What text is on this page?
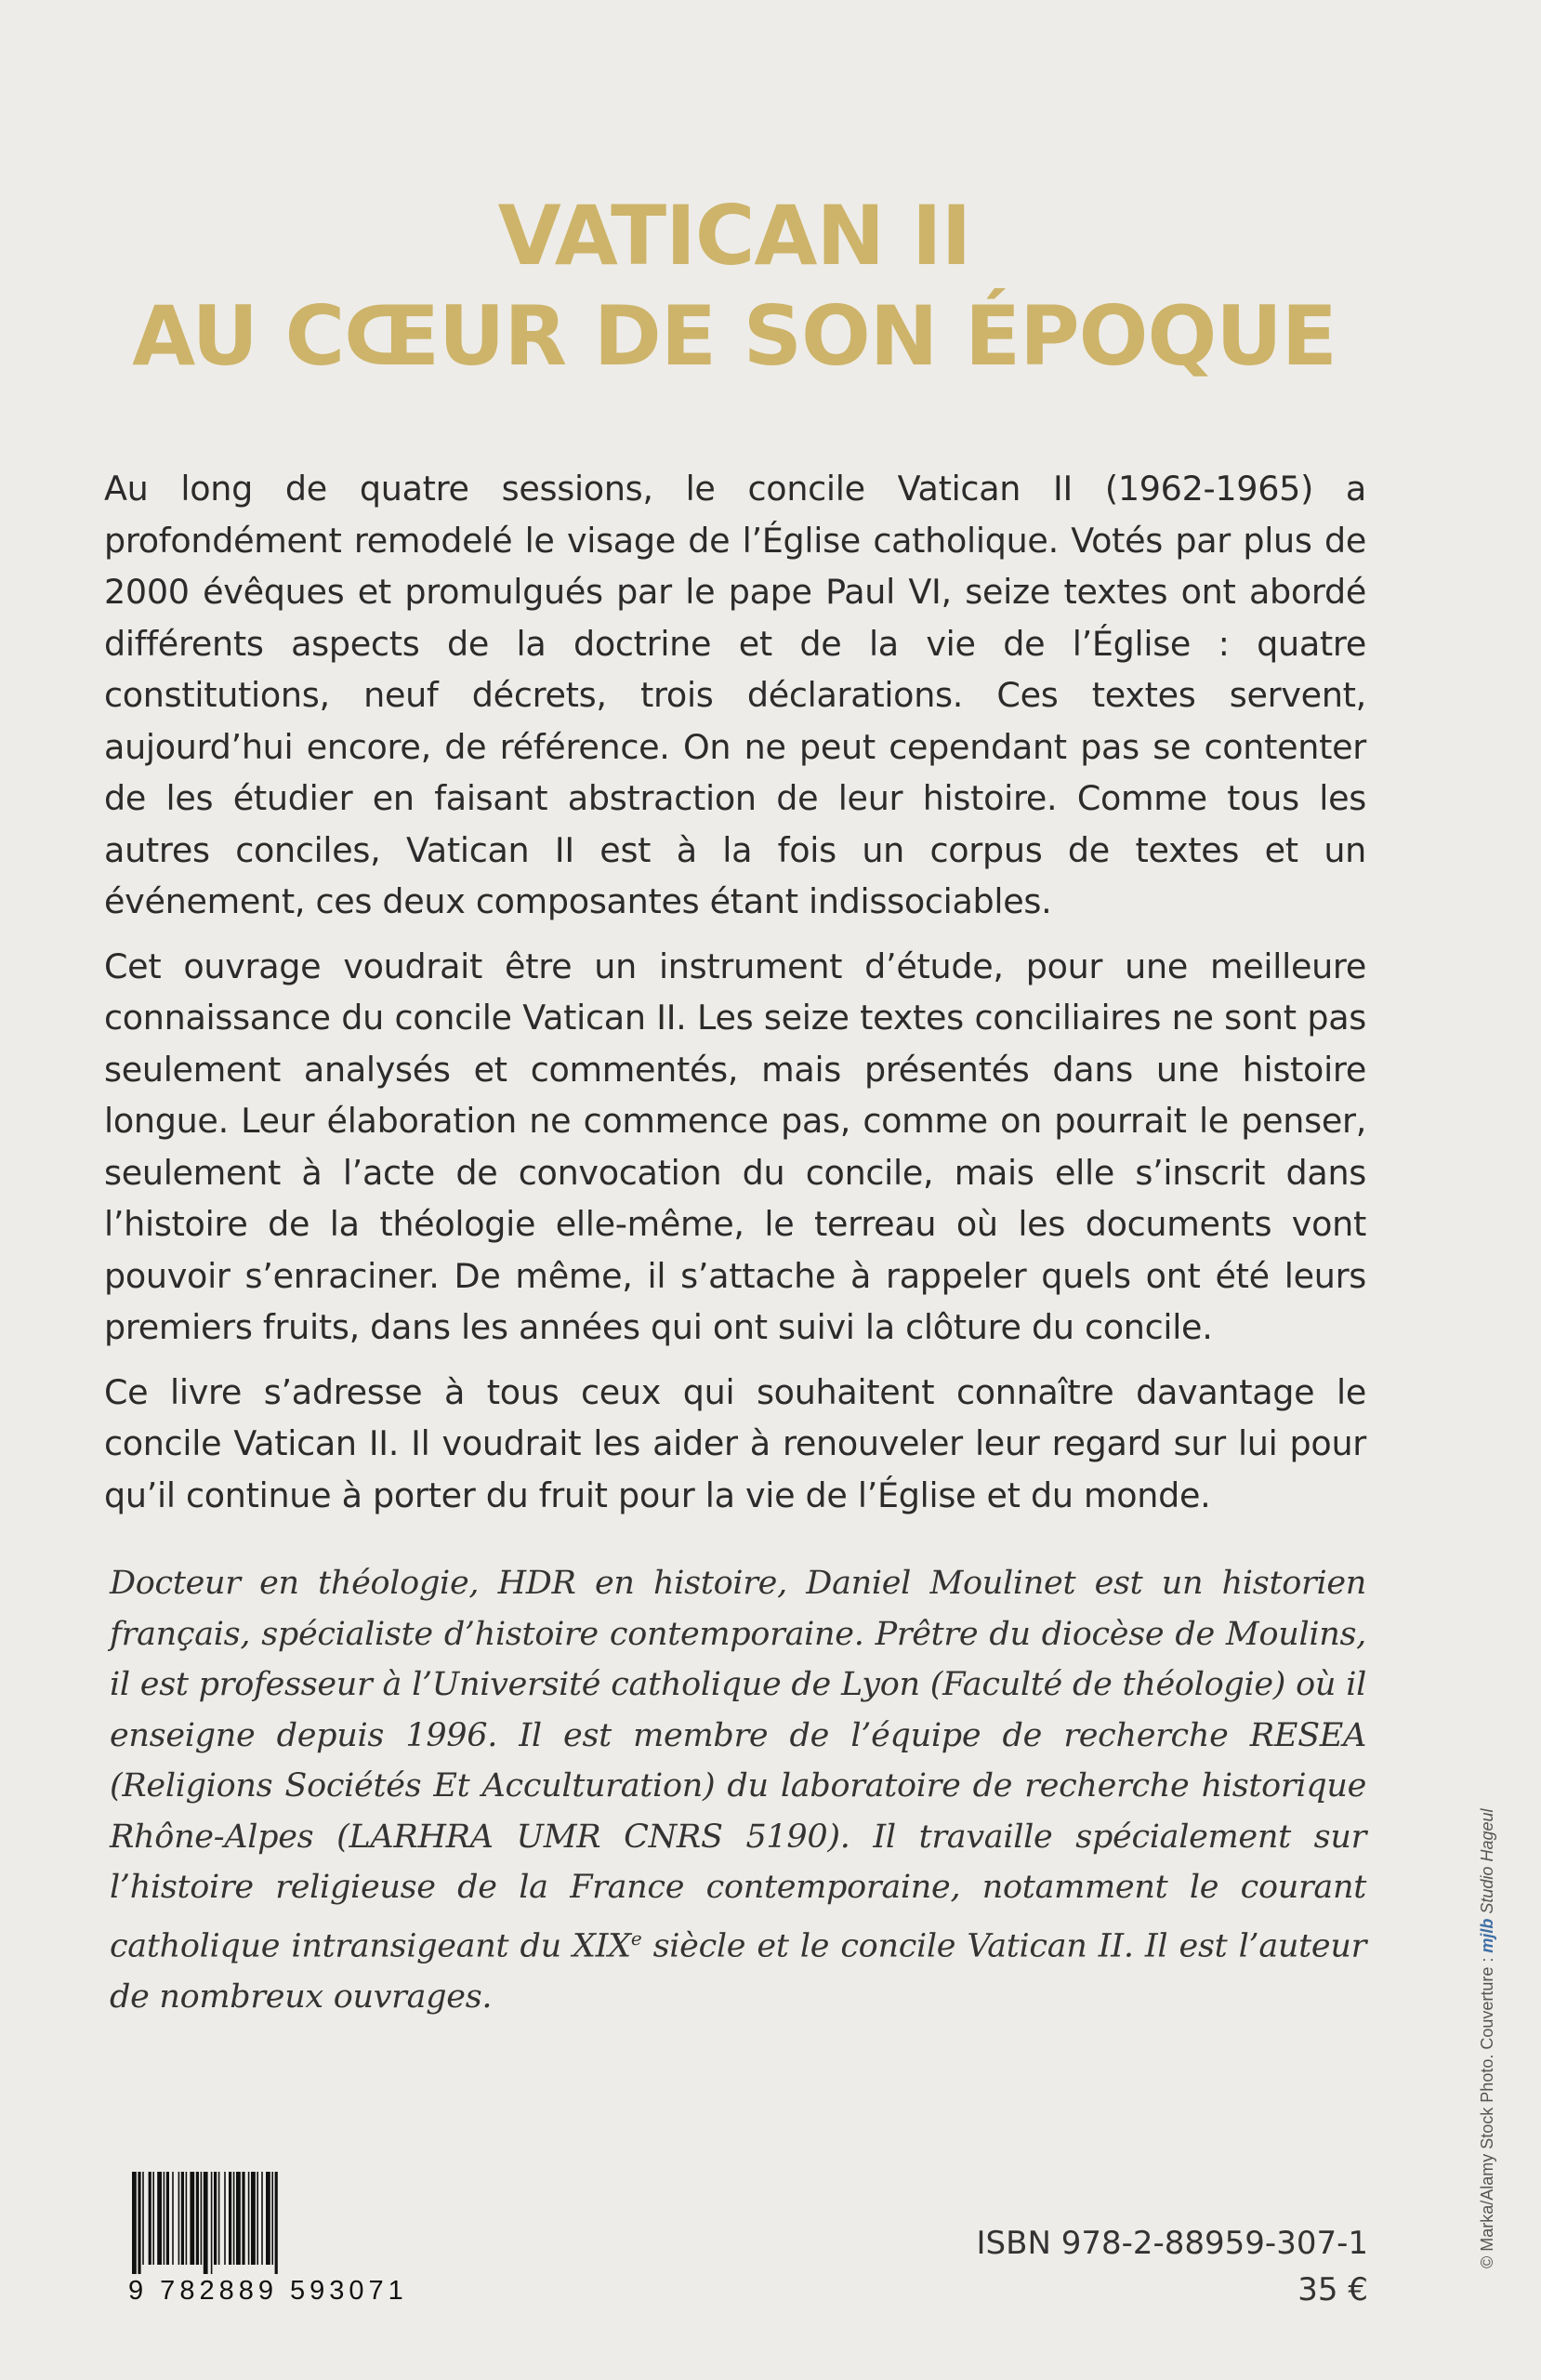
VATICAN II
AU CŒUR DE SON ÉPOQUE

Au long de quatre sessions, le concile Vatican II (1962-1965) a profondément remodelé le visage de l’Église catholique. Votés par plus de 2000 évêques et promulgués par le pape Paul VI, seize textes ont abordé différents aspects de la doctrine et de la vie de l’Église : quatre constitutions, neuf décrets, trois déclarations. Ces textes servent, aujourd’hui encore, de référence. On ne peut cependant pas se contenter de les étudier en faisant abstraction de leur histoire. Comme tous les autres conciles, Vatican II est à la fois un corpus de textes et un événement, ces deux composantes étant indissociables.

Cet ouvrage voudrait être un instrument d’étude, pour une meilleure connaissance du concile Vatican II. Les seize textes conciliaires ne sont pas seulement analysés et commentés, mais présentés dans une histoire longue. Leur élaboration ne commence pas, comme on pourrait le penser, seulement à l’acte de convocation du concile, mais elle s’inscrit dans l’histoire de la théologie elle-même, le terreau où les documents vont pouvoir s’enraciner. De même, il s’attache à rappeler quels ont été leurs premiers fruits, dans les années qui ont suivi la clôture du concile.

Ce livre s’adresse à tous ceux qui souhaitent connaître davantage le concile Vatican II. Il voudrait les aider à renouveler leur regard sur lui pour qu’il continue à porter du fruit pour la vie de l’Église et du monde.

Docteur en théologie, HDR en histoire, Daniel Moulinet est un historien français, spécialiste d’histoire contemporaine. Prêtre du diocèse de Moulins, il est professeur à l’Université catholique de Lyon (Faculté de théologie) où il enseigne depuis 1996. Il est membre de l’équipe de recherche RESEA (Religions Sociétés Et Acculturation) du laboratoire de recherche historique Rhône-Alpes (LARHRA UMR CNRS 5190). Il travaille spécialement sur l’histoire religieuse de la France contemporaine, notamment le courant catholique intransigeant du XIXe siècle et le concile Vatican II. Il est l’auteur de nombreux ouvrages.	© Marka/Alamy Stock Photo. Couverture : mjlb Studio Hageul
9 782889 593071
ISBN 978-2-88959-307-1
35 €
